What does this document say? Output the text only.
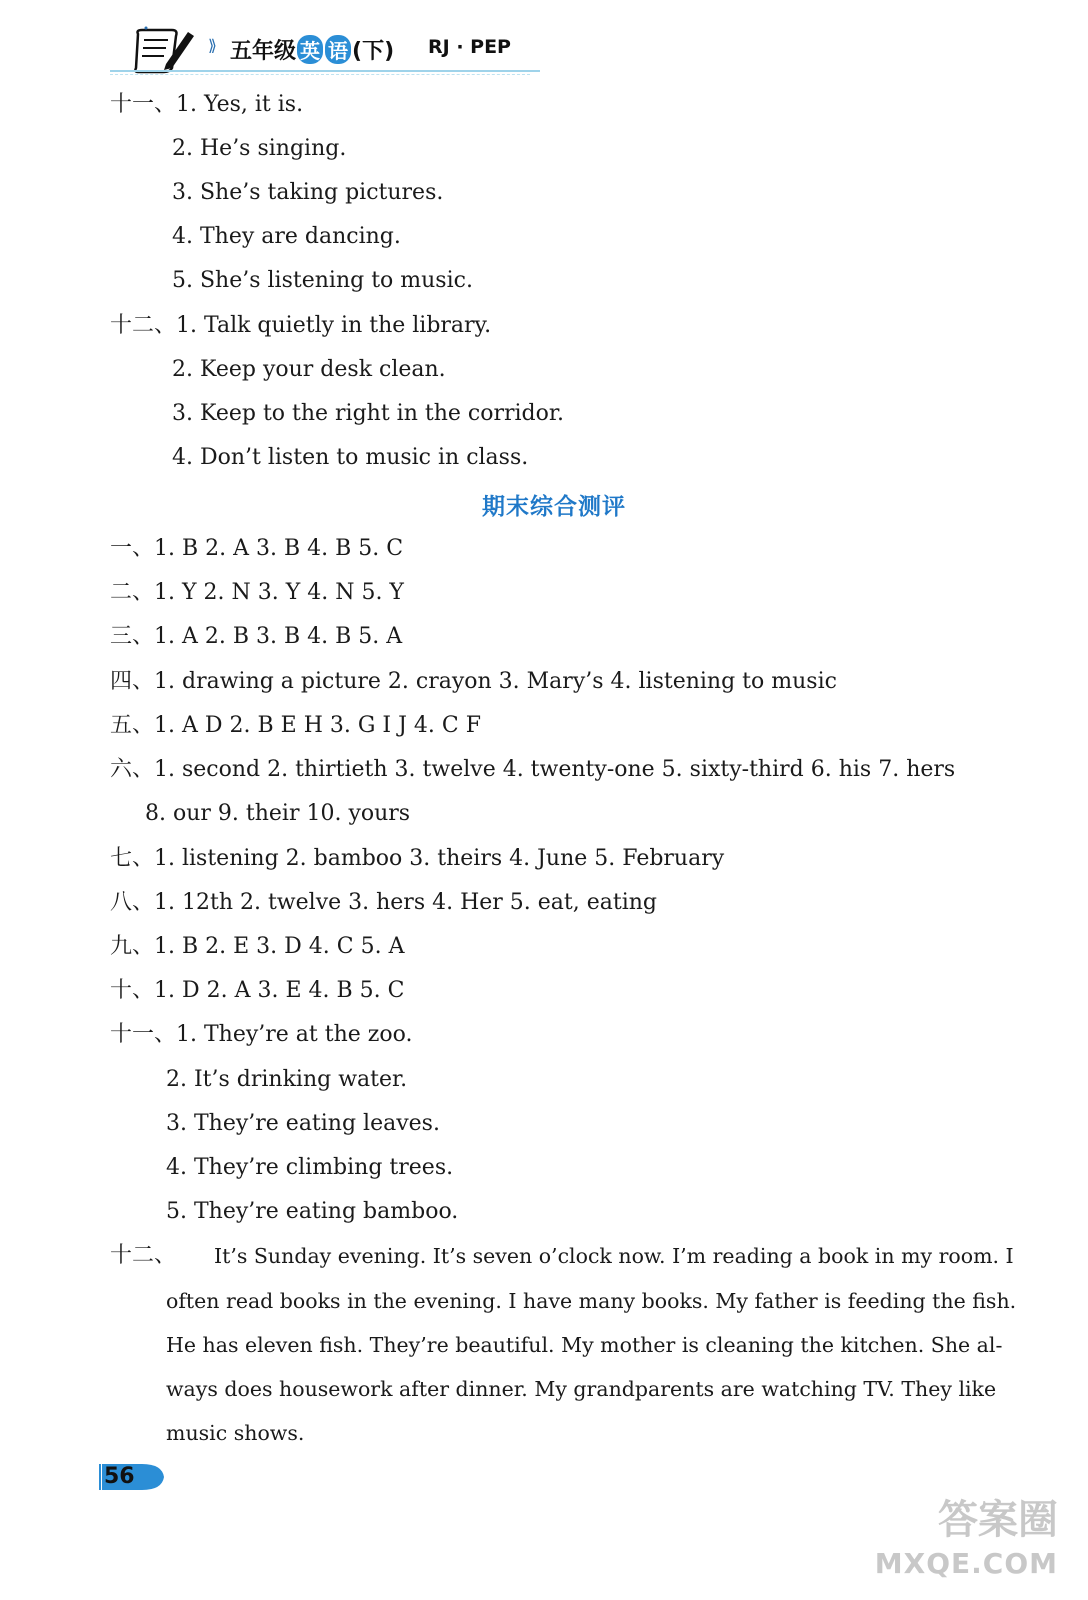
⟫ 五年级 英 语 (下) RJ · PEP
十一、1. Yes, it is.
2. He’s singing.
3. She’s taking pictures.
4. They are dancing.
5. She’s listening to music.
十二、1. Talk quietly in the library.
2. Keep your desk clean.
3. Keep to the right in the corridor.
4. Don’t listen to music in class.
期末综合测评
一、1. B 2. A 3. B 4. B 5. C
二、1. Y 2. N 3. Y 4. N 5. Y
三、1. A 2. B 3. B 4. B 5. A
四、1. drawing a picture 2. crayon 3. Mary’s 4. listening to music
五、1. A D 2. B E H 3. G I J 4. C F
六、1. second 2. thirtieth 3. twelve 4. twenty-one 5. sixty-third 6. his 7. hers
8. our 9. their 10. yours
七、1. listening 2. bamboo 3. theirs 4. June 5. February
八、1. 12th 2. twelve 3. hers 4. Her 5. eat, eating
九、1. B 2. E 3. D 4. C 5. A
十、1. D 2. A 3. E 4. B 5. C
十一、1. They’re at the zoo.
2. It’s drinking water.
3. They’re eating leaves.
4. They’re climbing trees.
5. They’re eating bamboo.
十二、 It’s Sunday evening. It’s seven o’clock now. I’m reading a book in my room. I
often read books in the evening. I have many books. My father is feeding the fish.
He has eleven fish. They’re beautiful. My mother is cleaning the kitchen. She al-
ways does housework after dinner. My grandparents are watching TV. They like
music shows.
56
答案圈
MXQE.COM
